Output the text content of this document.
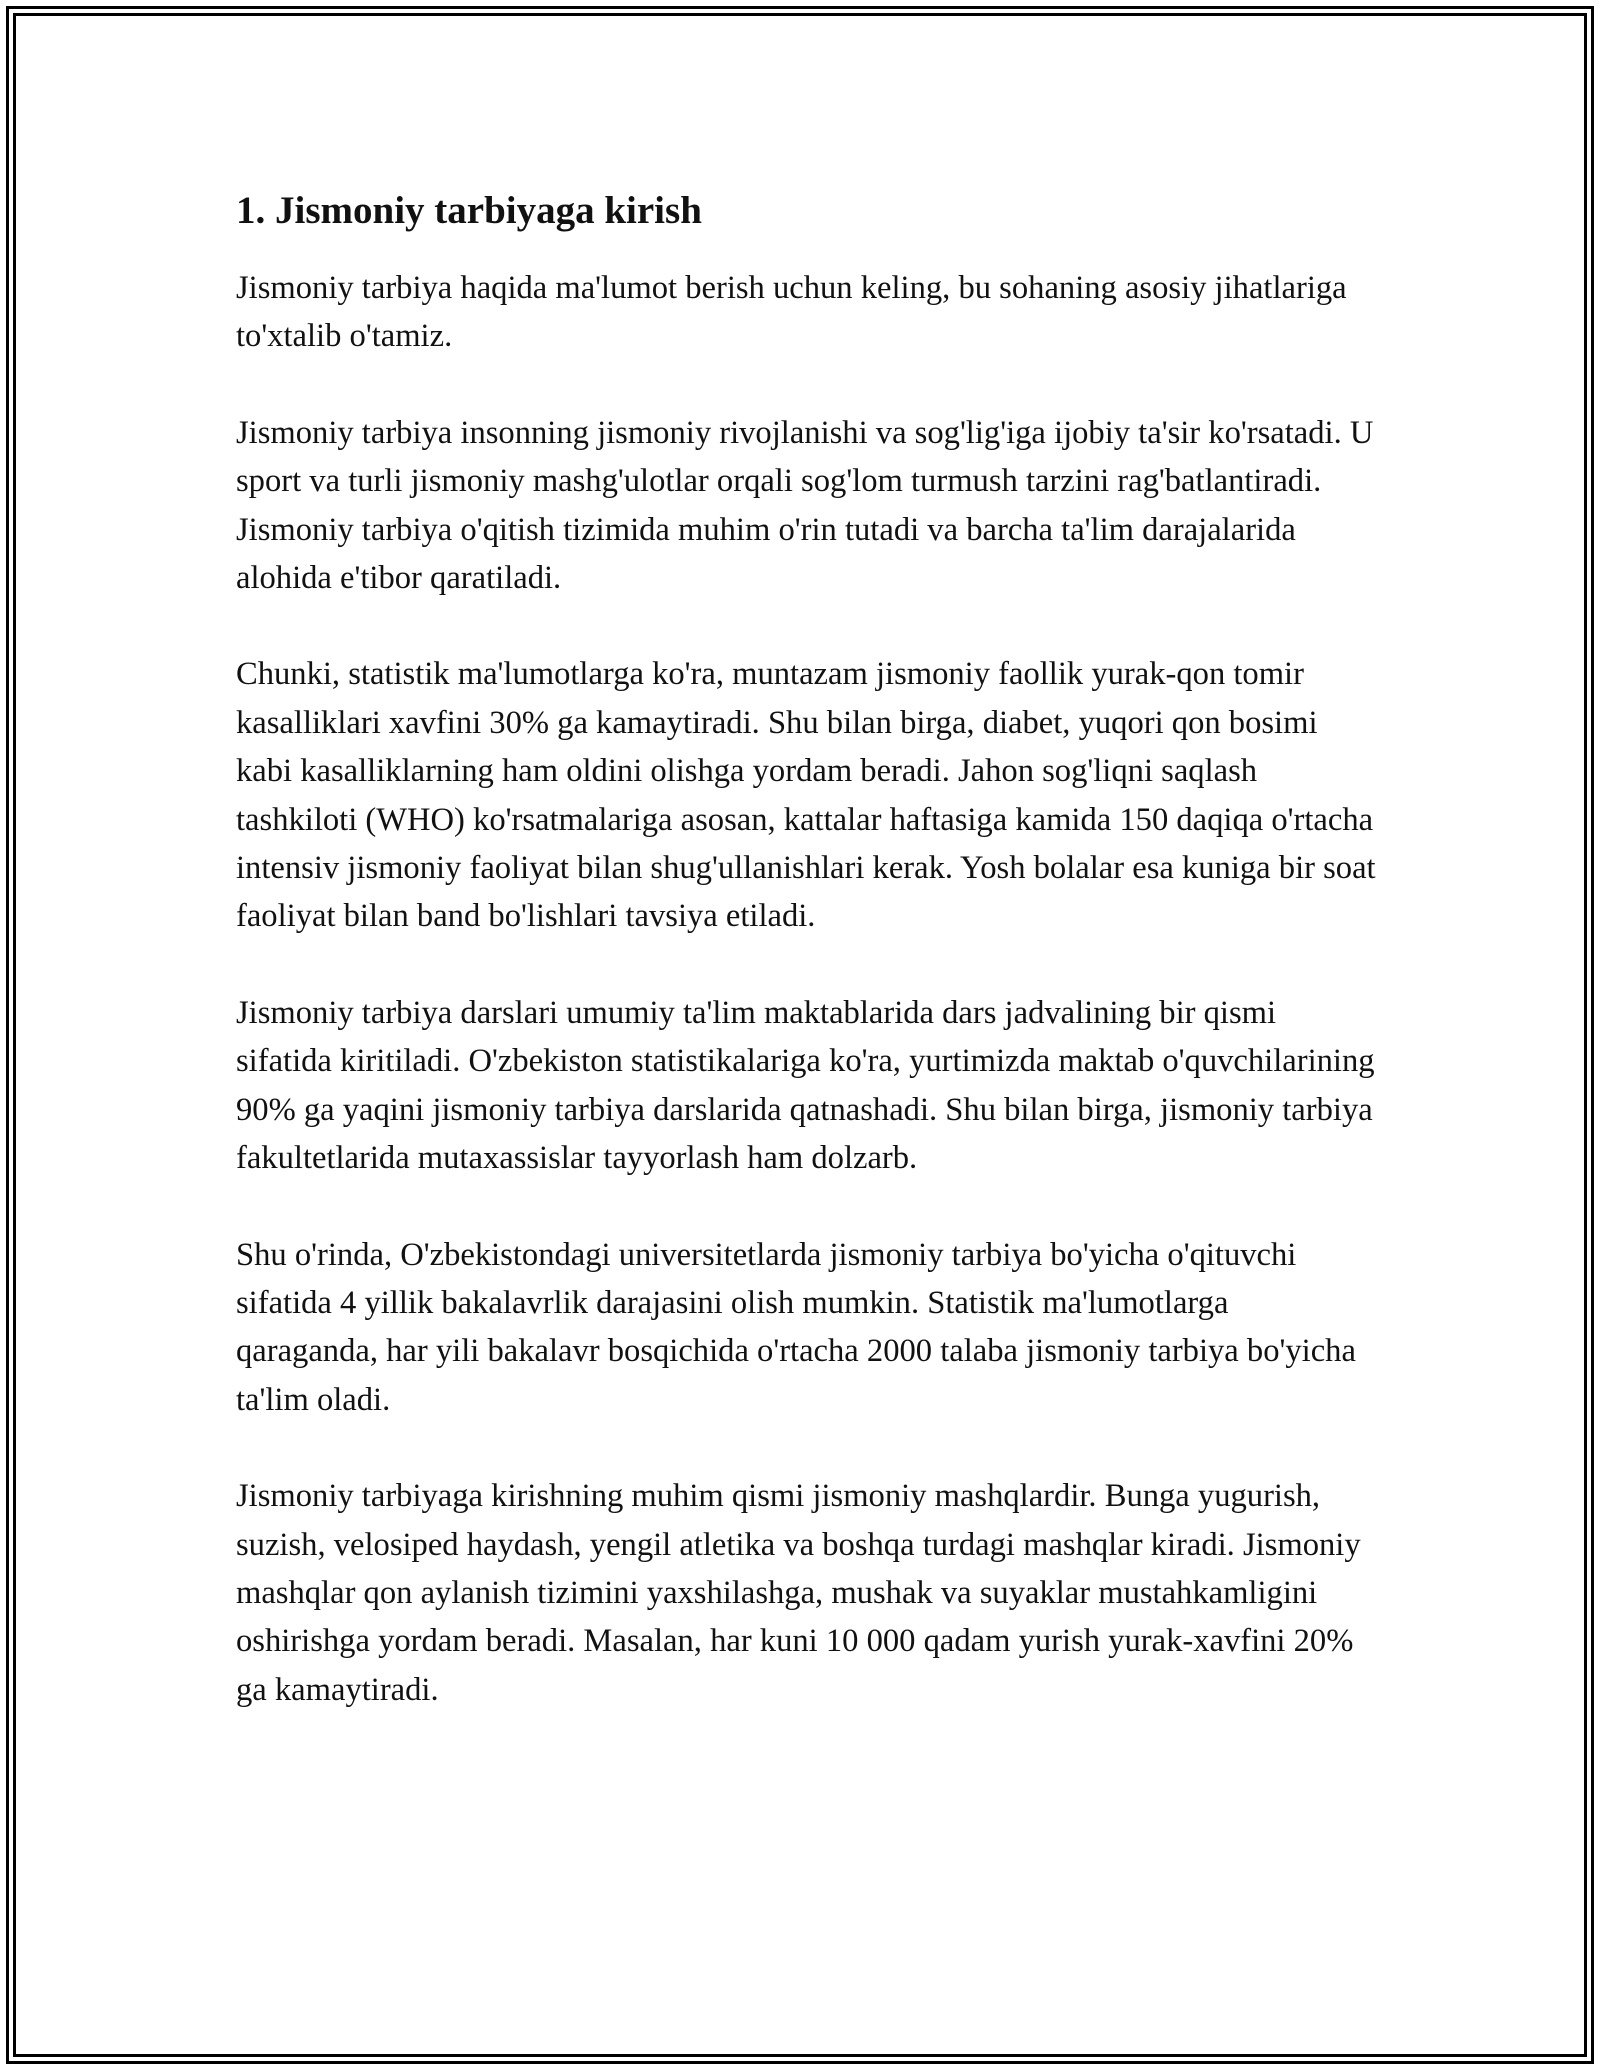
1. Jismoniy tarbiyaga kirish

Jismoniy tarbiya haqida ma'lumot berish uchun keling, bu sohaning asosiy jihatlariga to'xtalib o'tamiz.

Jismoniy tarbiya insonning jismoniy rivojlanishi va sog'lig'iga ijobiy ta'sir ko'rsatadi. U sport va turli jismoniy mashg'ulotlar orqali sog'lom turmush tarzini rag'batlantiradi. Jismoniy tarbiya o'qitish tizimida muhim o'rin tutadi va barcha ta'lim darajalarida alohida e'tibor qaratiladi.

Chunki, statistik ma'lumotlarga ko'ra, muntazam jismoniy faollik yurak-qon tomir kasalliklari xavfini 30% ga kamaytiradi. Shu bilan birga, diabet, yuqori qon bosimi kabi kasalliklarning ham oldini olishga yordam beradi. Jahon sog'liqni saqlash tashkiloti (WHO) ko'rsatmalariga asosan, kattalar haftasiga kamida 150 daqiqa o'rtacha intensiv jismoniy faoliyat bilan shug'ullanishlari kerak. Yosh bolalar esa kuniga bir soat faoliyat bilan band bo'lishlari tavsiya etiladi.

Jismoniy tarbiya darslari umumiy ta'lim maktablarida dars jadvalining bir qismi sifatida kiritiladi. O'zbekiston statistikalariga ko'ra, yurtimizda maktab o'quvchilarining 90% ga yaqini jismoniy tarbiya darslarida qatnashadi. Shu bilan birga, jismoniy tarbiya fakultetlarida mutaxassislar tayyorlash ham dolzarb.

Shu o'rinda, O'zbekistondagi universitetlarda jismoniy tarbiya bo'yicha o'qituvchi sifatida 4 yillik bakalavrlik darajasini olish mumkin. Statistik ma'lumotlarga qaraganda, har yili bakalavr bosqichida o'rtacha 2000 talaba jismoniy tarbiya bo'yicha ta'lim oladi.

Jismoniy tarbiyaga kirishning muhim qismi jismoniy mashqlardir. Bunga yugurish, suzish, velosiped haydash, yengil atletika va boshqa turdagi mashqlar kiradi. Jismoniy mashqlar qon aylanish tizimini yaxshilashga, mushak va suyaklar mustahkamligini oshirishga yordam beradi. Masalan, har kuni 10 000 qadam yurish yurak-xavfini 20% ga kamaytiradi.
